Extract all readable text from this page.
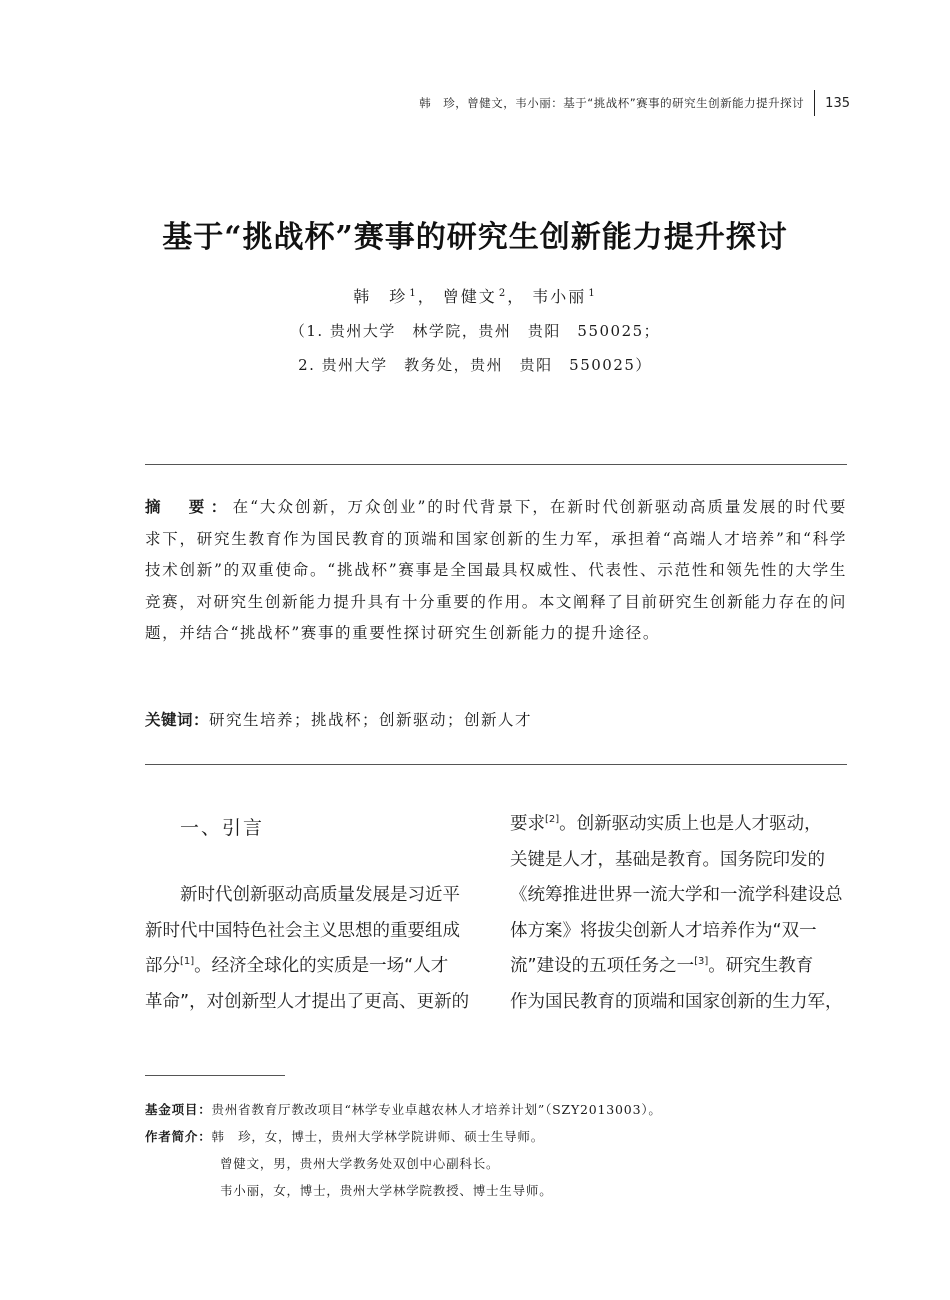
韩　珍，曾健文，韦小丽：基于“挑战杯”赛事的研究生创新能力提升探讨	135
基于“挑战杯”赛事的研究生创新能力提升探讨
韩　珍 $^1$， 曾健文 $^2$， 韦小丽 $^1$
（1. 贵州大学　林学院，贵州　贵阳　550025；
2. 贵州大学　教务处，贵州　贵阳　550025）
摘　要：在“大众创新，万众创业”的时代背景下，在新时代创新驱动高质量发展的时代要求下，研究生教育作为国民教育的顶端和国家创新的生力军，承担着“高端人才培养”和“科学技术创新”的双重使命。“挑战杯”赛事是全国最具权威性、代表性、示范性和领先性的大学生竞赛，对研究生创新能力提升具有十分重要的作用。本文阐释了目前研究生创新能力存在的问题，并结合“挑战杯”赛事的重要性探讨研究生创新能力的提升途径。
关键词：研究生培养；挑战杯；创新驱动；创新人才
一、引言
新时代创新驱动高质量发展是习近平
新时代中国特色社会主义思想的重要组成
部分[1]。经济全球化的实质是一场“人才
革命”，对创新型人才提出了更高、更新的
要求[2]。创新驱动实质上也是人才驱动，
关键是人才，基础是教育。国务院印发的
《统筹推进世界一流大学和一流学科建设总
体方案》将拔尖创新人才培养作为“双一
流”建设的五项任务之一[3]。研究生教育
作为国民教育的顶端和国家创新的生力军，
基金项目： 贵州省教育厅教改项目“林学专业卓越农林人才培养计划”（SZY2013003）。
作者简介： 韩　珍，女，博士，贵州大学林学院讲师、硕士生导师。
曾健文，男，贵州大学教务处双创中心副科长。
韦小丽，女，博士，贵州大学林学院教授、博士生导师。
